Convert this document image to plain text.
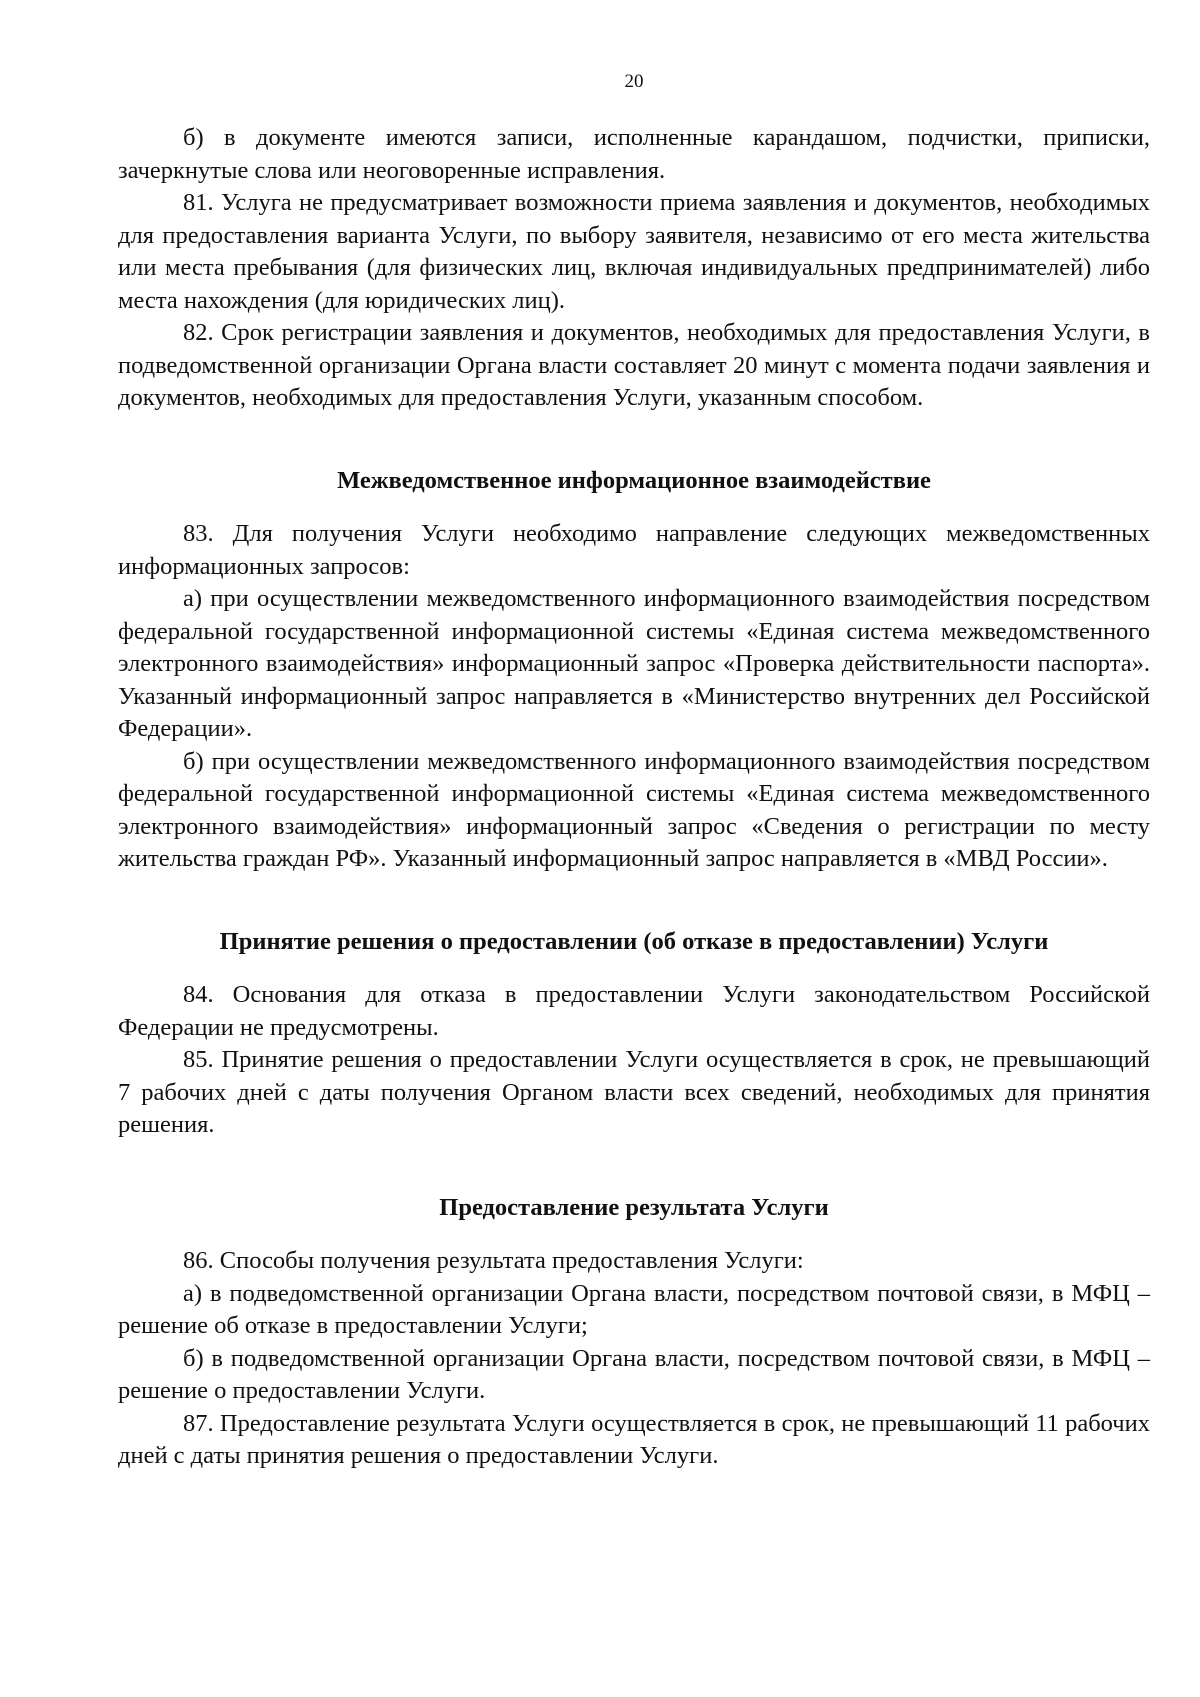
20

б) в документе имеются записи, исполненные карандашом, подчистки, приписки, зачеркнутые слова или неоговоренные исправления.

81. Услуга не предусматривает возможности приема заявления и документов, необходимых для предоставления варианта Услуги, по выбору заявителя, независимо от его места жительства или места пребывания (для физических лиц, включая индивидуальных предпринимателей) либо места нахождения (для юридических лиц).

82. Срок регистрации заявления и документов, необходимых для предоставления Услуги, в подведомственной организации Органа власти составляет 20 минут с момента подачи заявления и документов, необходимых для предоставления Услуги, указанным способом.

Межведомственное информационное взаимодействие

83. Для получения Услуги необходимо направление следующих межведомственных информационных запросов:

а) при осуществлении межведомственного информационного взаимодействия посредством федеральной государственной информационной системы «Единая система межведомственного электронного взаимодействия» информационный запрос «Проверка действительности паспорта». Указанный информационный запрос направляется в «Министерство внутренних дел Российской Федерации».

б) при осуществлении межведомственного информационного взаимодействия посредством федеральной государственной информационной системы «Единая система межведомственного электронного взаимодействия» информационный запрос «Сведения о регистрации по месту жительства граждан РФ». Указанный информационный запрос направляется в «МВД России».

Принятие решения о предоставлении (об отказе в предоставлении) Услуги

84. Основания для отказа в предоставлении Услуги законодательством Российской Федерации не предусмотрены.

85. Принятие решения о предоставлении Услуги осуществляется в срок, не превышающий 7 рабочих дней с даты получения Органом власти всех сведений, необходимых для принятия решения.

Предоставление результата Услуги

86. Способы получения результата предоставления Услуги:

а) в подведомственной организации Органа власти, посредством почтовой связи, в МФЦ – решение об отказе в предоставлении Услуги;

б) в подведомственной организации Органа власти, посредством почтовой связи, в МФЦ – решение о предоставлении Услуги.

87. Предоставление результата Услуги осуществляется в срок, не превышающий 11 рабочих дней с даты принятия решения о предоставлении Услуги.
